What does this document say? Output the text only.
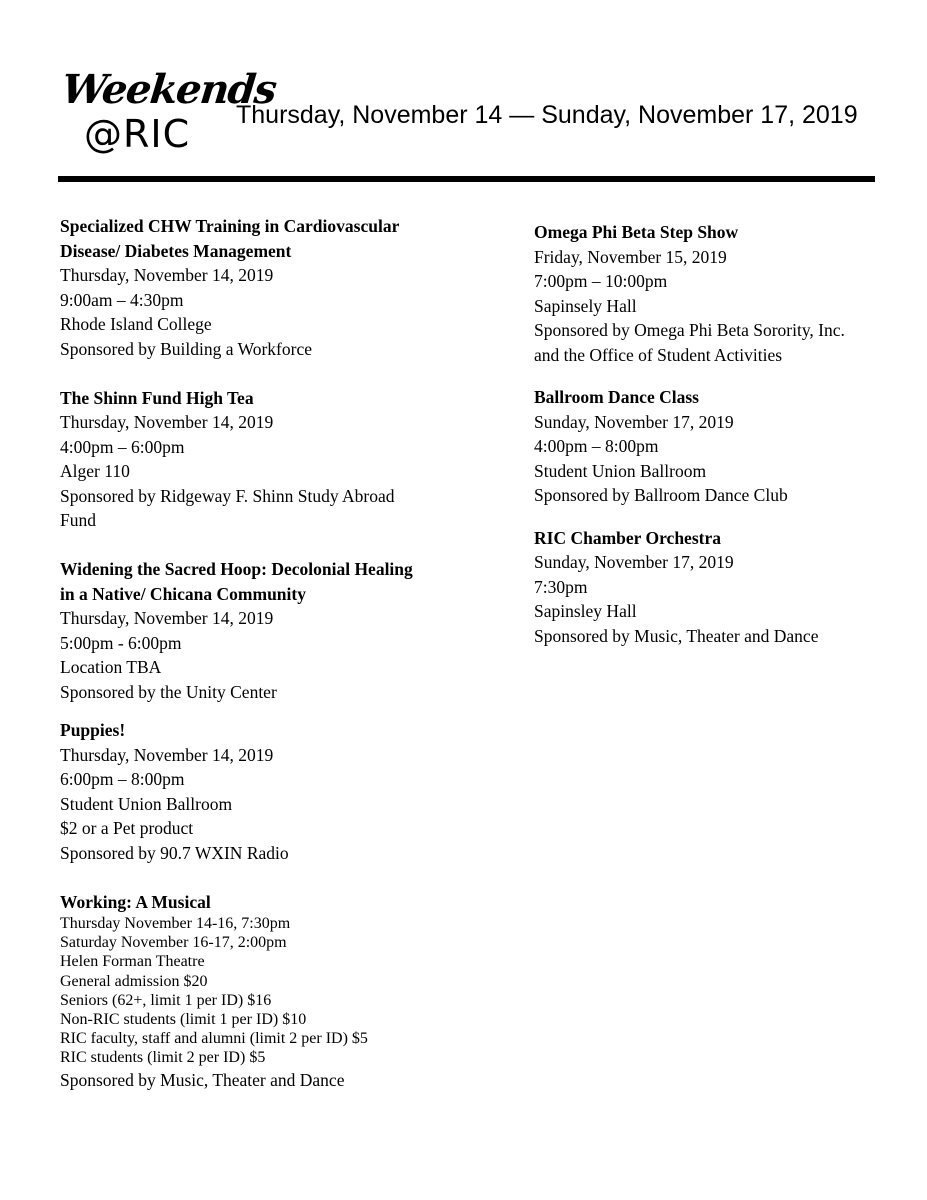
Weekends
@RIC Thursday, November 14 — Sunday, November 17, 2019
Specialized CHW Training in Cardiovascular
Disease/ Diabetes Management
Thursday, November 14, 2019
9:00am – 4:30pm
Rhode Island College
Sponsored by Building a Workforce
The Shinn Fund High Tea
Thursday, November 14, 2019
4:00pm – 6:00pm
Alger 110
Sponsored by Ridgeway F. Shinn Study Abroad
Fund
Widening the Sacred Hoop: Decolonial Healing
in a Native/ Chicana Community
Thursday, November 14, 2019
5:00pm - 6:00pm
Location TBA
Sponsored by the Unity Center
Puppies!
Thursday, November 14, 2019
6:00pm – 8:00pm
Student Union Ballroom
$2 or a Pet product
Sponsored by 90.7 WXIN Radio
Working: A Musical
Thursday November 14-16, 7:30pm
Saturday November 16-17, 2:00pm
Helen Forman Theatre
General admission $20
Seniors (62+, limit 1 per ID) $16
Non-RIC students (limit 1 per ID) $10
RIC faculty, staff and alumni (limit 2 per ID) $5
RIC students (limit 2 per ID) $5
Sponsored by Music, Theater and Dance
Omega Phi Beta Step Show
Friday, November 15, 2019
7:00pm – 10:00pm
Sapinsely Hall
Sponsored by Omega Phi Beta Sorority, Inc.
and the Office of Student Activities
Ballroom Dance Class
Sunday, November 17, 2019
4:00pm – 8:00pm
Student Union Ballroom
Sponsored by Ballroom Dance Club
RIC Chamber Orchestra
Sunday, November 17, 2019
7:30pm
Sapinsley Hall
Sponsored by Music, Theater and Dance
